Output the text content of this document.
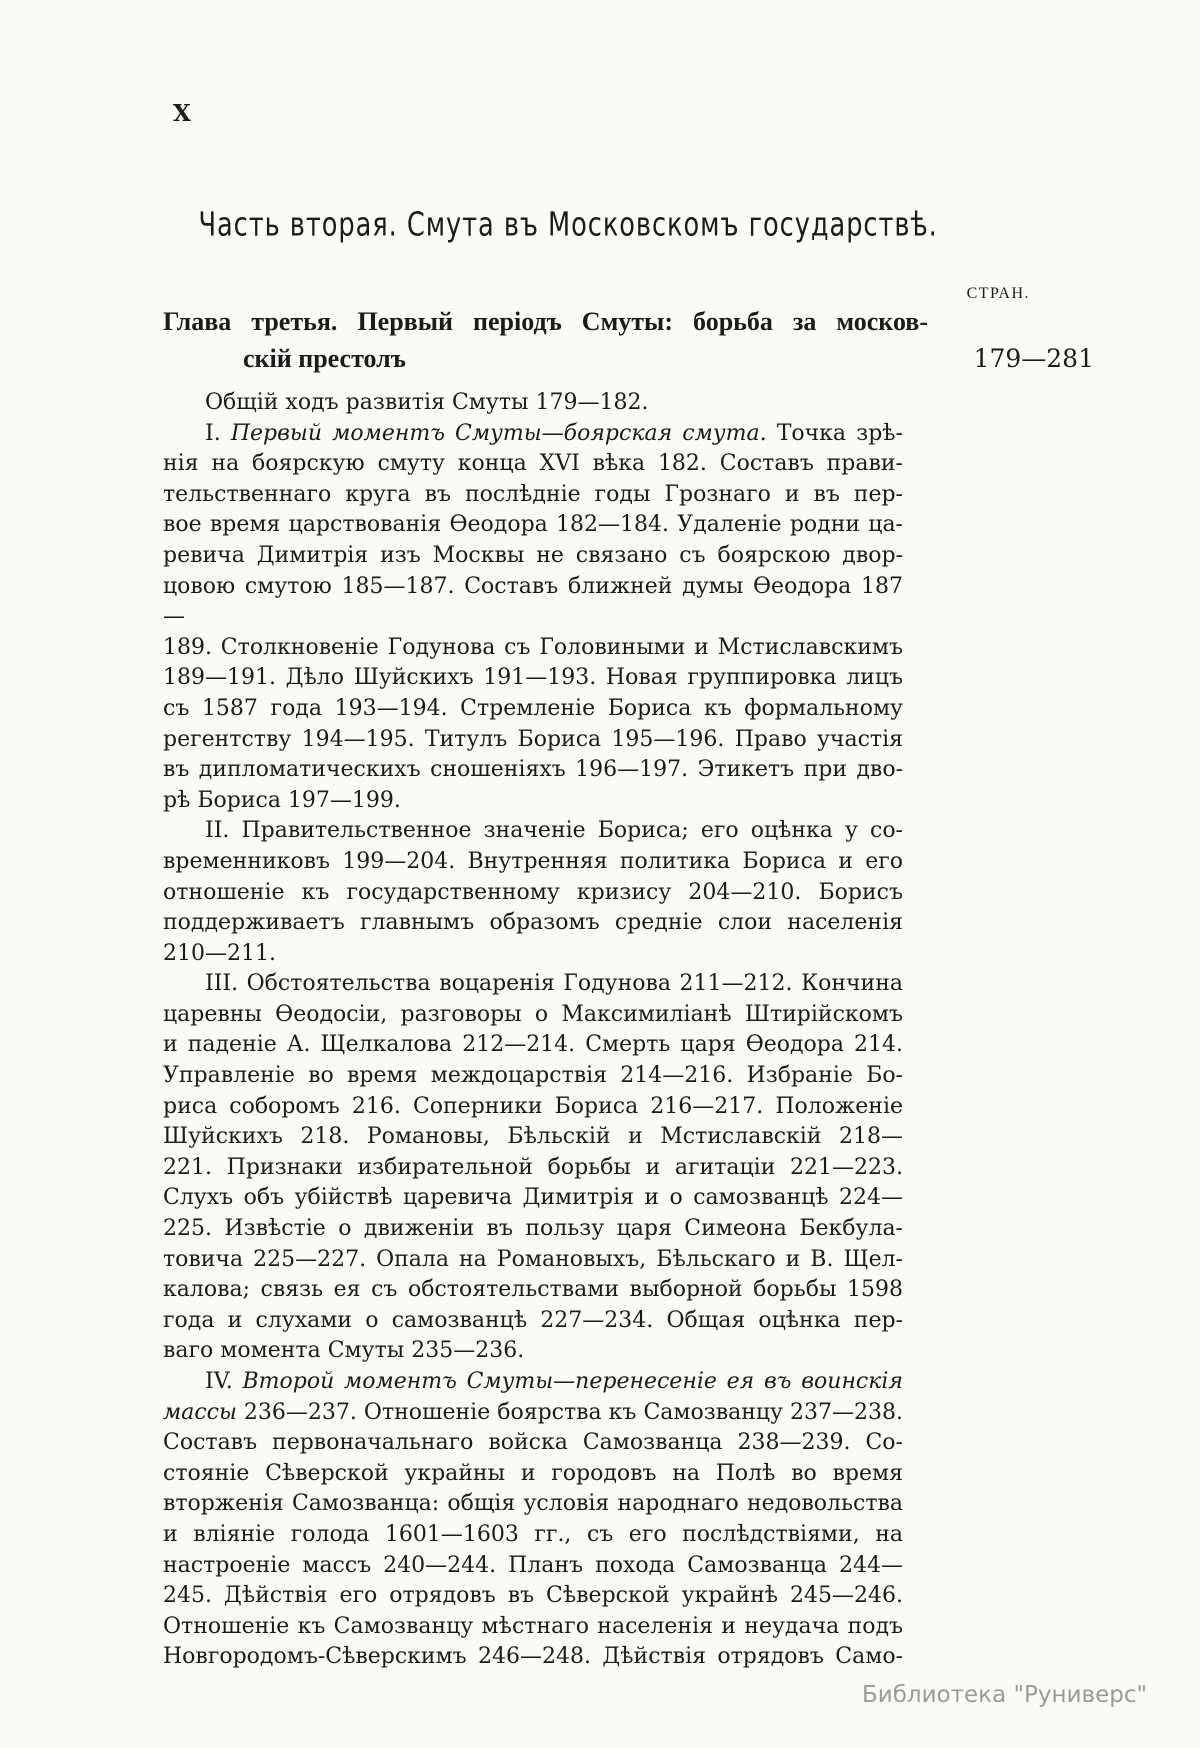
X
Часть вторая. Смута въ Московскомъ государствѣ.
СТРАН.
Глава третья. Первый періодъ Смуты: борьба за москов-
скій престолъ	179—281
Общій ходъ развитія Смуты 179—182.
I. Первый моментъ Смуты—боярская смута. Точка зрѣ-
нія на боярскую смуту конца XVI вѣка 182. Составъ прави-
тельственнаго круга въ послѣдніе годы Грознаго и въ пер-
вое время царствованія Ѳеодора 182—184. Удаленіе родни ца-
ревича Димитрія изъ Москвы не связано съ боярскою двор-
цовою смутою 185—187. Составъ ближней думы Ѳеодора 187—
189. Столкновеніе Годунова съ Головиными и Мстиславскимъ
189—191. Дѣло Шуйскихъ 191—193. Новая группировка лицъ
съ 1587 года 193—194. Стремленіе Бориса къ формальному
регентству 194—195. Титулъ Бориса 195—196. Право участія
въ дипломатическихъ сношеніяхъ 196—197. Этикетъ при дво-
рѣ Бориса 197—199.
II. Правительственное значеніе Бориса; его оцѣнка у со-
временниковъ 199—204. Внутренняя политика Бориса и его
отношеніе къ государственному кризису 204—210. Борисъ
поддерживаетъ главнымъ образомъ средніе слои населенія
210—211.
III. Обстоятельства воцаренія Годунова 211—212. Кончина
царевны Ѳеодосіи, разговоры о Максимиліанѣ Штирійскомъ
и паденіе А. Щелкалова 212—214. Смерть царя Ѳеодора 214.
Управленіе во время междоцарствія 214—216. Избраніе Бо-
риса соборомъ 216. Соперники Бориса 216—217. Положеніе
Шуйскихъ 218. Романовы, Бѣльскій и Мстиславскій 218—
221. Признаки избирательной борьбы и агитаціи 221—223.
Слухъ объ убійствѣ царевича Димитрія и о самозванцѣ 224—
225. Извѣстіе о движеніи въ пользу царя Симеона Бекбула-
товича 225—227. Опала на Романовыхъ, Бѣльскаго и В. Щел-
калова; связь ея съ обстоятельствами выборной борьбы 1598
года и слухами о самозванцѣ 227—234. Общая оцѣнка пер-
ваго момента Смуты 235—236.
IV. Второй моментъ Смуты—перенесеніе ея въ воинскія
массы 236—237. Отношеніе боярства къ Самозванцу 237—238.
Составъ первоначальнаго войска Самозванца 238—239. Со-
стояніе Сѣверской украйны и городовъ на Полѣ во время
вторженія Самозванца: общія условія народнаго недовольства
и вліяніе голода 1601—1603 гг., съ его послѣдствіями, на
настроеніе массъ 240—244. Планъ похода Самозванца 244—
245. Дѣйствія его отрядовъ въ Сѣверской украйнѣ 245—246.
Отношеніе къ Самозванцу мѣстнаго населенія и неудача подъ
Новгородомъ-Сѣверскимъ 246—248. Дѣйствія отрядовъ Само-
Библиотека "Руниверс"
